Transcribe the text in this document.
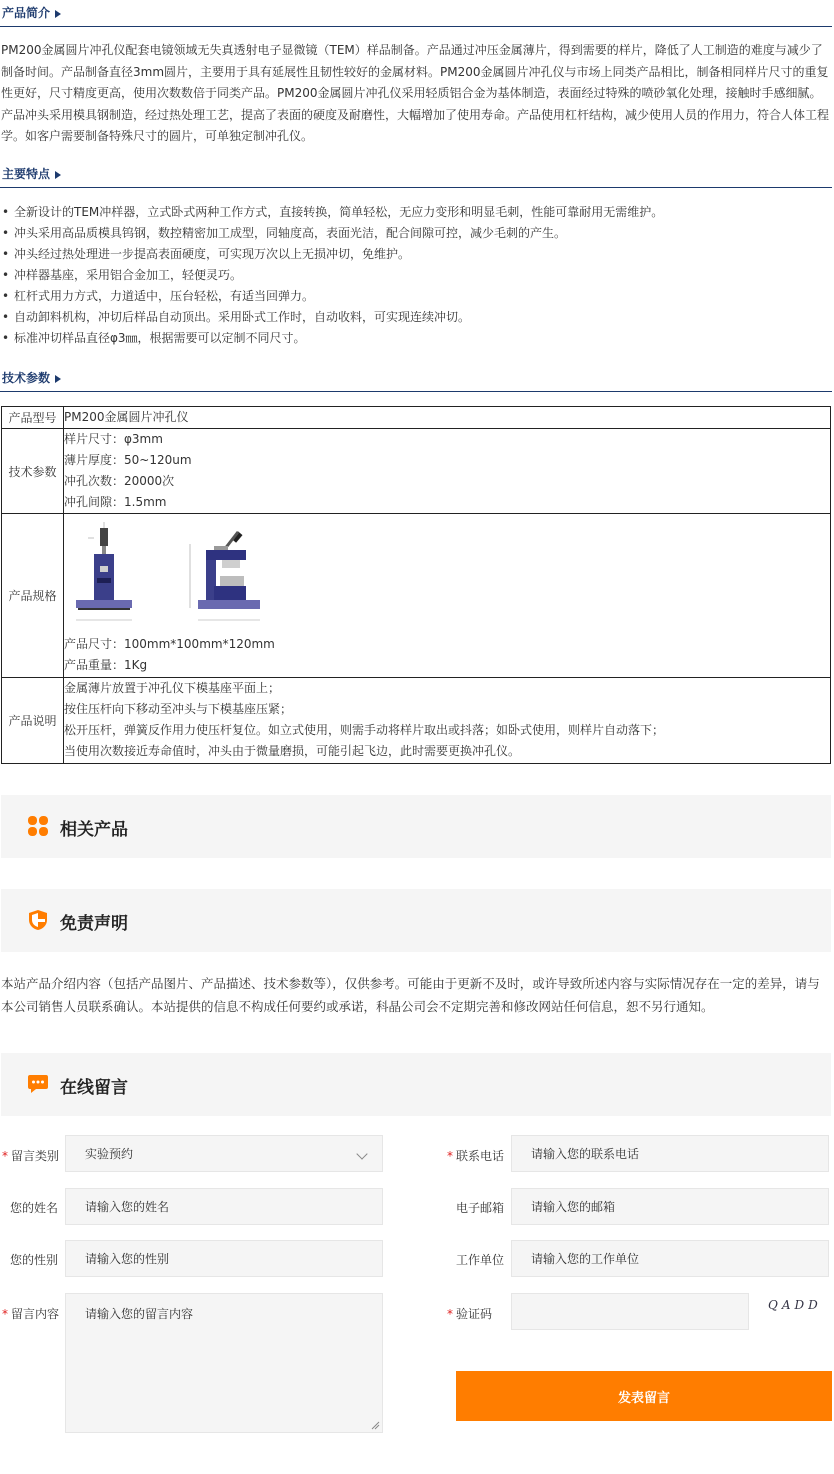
产品简介
PM200金属圆片冲孔仪配套电镜领域无失真透射电子显微镜（TEM）样品制备。产品通过冲压金属薄片，得到需要的样片，降低了人工制造的难度与减少了制备时间。产品制备直径3mm圆片，主要用于具有延展性且韧性较好的金属材料。PM200金属圆片冲孔仪与市场上同类产品相比，制备相同样片尺寸的重复性更好，尺寸精度更高，使用次数数倍于同类产品。PM200金属圆片冲孔仪采用轻质铝合金为基体制造，表面经过特殊的喷砂氧化处理，接触时手感细腻。产品冲头采用模具钢制造，经过热处理工艺，提高了表面的硬度及耐磨性，大幅增加了使用寿命。产品使用杠杆结构，减少使用人员的作用力，符合人体工程学。如客户需要制备特殊尺寸的圆片，可单独定制冲孔仪。
主要特点
• 全新设计的TEM冲样器，立式卧式两种工作方式，直接转换，简单轻松，无应力变形和明显毛刺，性能可靠耐用无需维护。
• 冲头采用高品质模具钨钢，数控精密加工成型，同轴度高，表面光洁，配合间隙可控，减少毛刺的产生。
• 冲头经过热处理进一步提高表面硬度，可实现万次以上无损冲切，免维护。
• 冲样器基座，采用铝合金加工，轻便灵巧。
• 杠杆式用力方式，力道适中，压台轻松，有适当回弹力。
• 自动卸料机构，冲切后样品自动顶出。采用卧式工作时，自动收料，可实现连续冲切。
• 标准冲切样品直径φ3㎜，根据需要可以定制不同尺寸。
技术参数
产品型号	PM200金属圆片冲孔仪
技术参数	样片尺寸：φ3mm
薄片厚度：50~120um
冲孔次数：20000次
冲孔间隙：1.5mm

产品规格	产品尺寸：100mm*100mm*120mm
产品重量：1Kg

产品说明	金属薄片放置于冲孔仪下模基座平面上；
按住压杆向下移动至冲头与下模基座压紧；
松开压杆，弹簧反作用力使压杆复位。如立式使用，则需手动将样片取出或抖落；如卧式使用，则样片自动落下；
当使用次数接近寿命值时，冲头由于微量磨损，可能引起飞边，此时需要更换冲孔仪。
相关产品
免责声明
本站产品介绍内容（包括产品图片、产品描述、技术参数等），仅供参考。可能由于更新不及时，或许导致所述内容与实际情况存在一定的差异，请与本公司销售人员联系确认。本站提供的信息不构成任何要约或承诺，科晶公司会不定期完善和修改网站任何信息，恕不另行通知。
在线留言
* 留言类别 实验预约	* 联系电话 请输入您的联系电话
您的姓名 请输入您的姓名	电子邮箱 请输入您的邮箱
您的性别 请输入您的性别	工作单位 请输入您的工作单位
* 留言内容 请输入您的留言内容	* 验证码
QADD
发表留言
